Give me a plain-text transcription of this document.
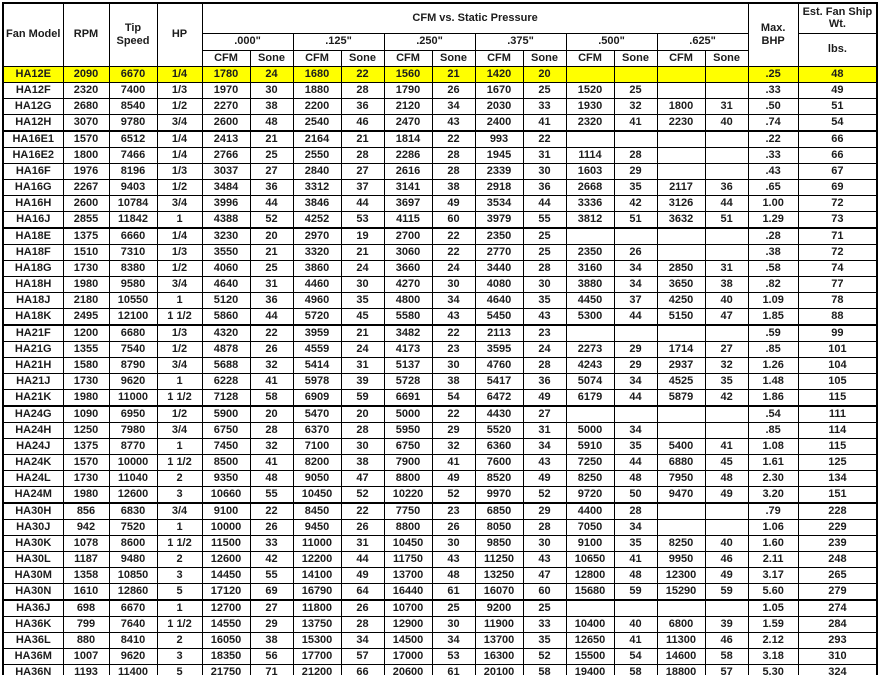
Fan Model	RPM	Tip Speed	HP	CFM vs. Static Pressure												Max. BHP	Est. Fan Ship Wt.
				.000"		.125"		.250"		.375"		.500"		.625"			lbs.
				CFM	Sone	CFM	Sone	CFM	Sone	CFM	Sone	CFM	Sone	CFM	Sone		
HA12E	2090	6670	1/4	1780	24	1680	22	1560	21	1420	20					.25	48
HA12F	2320	7400	1/3	1970	30	1880	28	1790	26	1670	25	1520	25			.33	49
HA12G	2680	8540	1/2	2270	38	2200	36	2120	34	2030	33	1930	32	1800	31	.50	51
HA12H	3070	9780	3/4	2600	48	2540	46	2470	43	2400	41	2320	41	2230	40	.74	54
HA16E1	1570	6512	1/4	2413	21	2164	21	1814	22	993	22					.22	66
HA16E2	1800	7466	1/4	2766	25	2550	28	2286	28	1945	31	1114	28			.33	66
HA16F	1976	8196	1/3	3037	27	2840	27	2616	28	2339	30	1603	29			.43	67
HA16G	2267	9403	1/2	3484	36	3312	37	3141	38	2918	36	2668	35	2117	36	.65	69
HA16H	2600	10784	3/4	3996	44	3846	44	3697	49	3534	44	3336	42	3126	44	1.00	72
HA16J	2855	11842	1	4388	52	4252	53	4115	60	3979	55	3812	51	3632	51	1.29	73
HA18E	1375	6660	1/4	3230	20	2970	19	2700	22	2350	25					.28	71
HA18F	1510	7310	1/3	3550	21	3320	21	3060	22	2770	25	2350	26			.38	72
HA18G	1730	8380	1/2	4060	25	3860	24	3660	24	3440	28	3160	34	2850	31	.58	74
HA18H	1980	9580	3/4	4640	31	4460	30	4270	30	4080	30	3880	34	3650	38	.82	77
HA18J	2180	10550	1	5120	36	4960	35	4800	34	4640	35	4450	37	4250	40	1.09	78
HA18K	2495	12100	1 1/2	5860	44	5720	45	5580	43	5450	43	5300	44	5150	47	1.85	88
HA21F	1200	6680	1/3	4320	22	3959	21	3482	22	2113	23					.59	99
HA21G	1355	7540	1/2	4878	26	4559	24	4173	23	3595	24	2273	29	1714	27	.85	101
HA21H	1580	8790	3/4	5688	32	5414	31	5137	30	4760	28	4243	29	2937	32	1.26	104
HA21J	1730	9620	1	6228	41	5978	39	5728	38	5417	36	5074	34	4525	35	1.48	105
HA21K	1980	11000	1 1/2	7128	58	6909	59	6691	54	6472	49	6179	44	5879	42	1.86	115
HA24G	1090	6950	1/2	5900	20	5470	20	5000	22	4430	27					.54	111
HA24H	1250	7980	3/4	6750	28	6370	28	5950	29	5520	31	5000	34			.85	114
HA24J	1375	8770	1	7450	32	7100	30	6750	32	6360	34	5910	35	5400	41	1.08	115
HA24K	1570	10000	1 1/2	8500	41	8200	38	7900	41	7600	43	7250	44	6880	45	1.61	125
HA24L	1730	11040	2	9350	48	9050	47	8800	49	8520	49	8250	48	7950	48	2.30	134
HA24M	1980	12600	3	10660	55	10450	52	10220	52	9970	52	9720	50	9470	49	3.20	151
HA30H	856	6830	3/4	9100	22	8450	22	7750	23	6850	29	4400	28			.79	228
HA30J	942	7520	1	10000	26	9450	26	8800	26	8050	28	7050	34			1.06	229
HA30K	1078	8600	1 1/2	11500	33	11000	31	10450	30	9850	30	9100	35	8250	40	1.60	239
HA30L	1187	9480	2	12600	42	12200	44	11750	43	11250	43	10650	41	9950	46	2.11	248
HA30M	1358	10850	3	14450	55	14100	49	13700	48	13250	47	12800	48	12300	49	3.17	265
HA30N	1610	12860	5	17120	69	16790	64	16440	61	16070	60	15680	59	15290	59	5.60	279
HA36J	698	6670	1	12700	27	11800	26	10700	25	9200	25					1.05	274
HA36K	799	7640	1 1/2	14550	29	13750	28	12900	30	11900	33	10400	40	6800	39	1.59	284
HA36L	880	8410	2	16050	38	15300	34	14500	34	13700	35	12650	41	11300	46	2.12	293
HA36M	1007	9620	3	18350	56	17700	57	17000	53	16300	52	15500	54	14600	58	3.18	310
HA36N	1193	11400	5	21750	71	21200	66	20600	61	20100	58	19400	58	18800	57	5.30	324
